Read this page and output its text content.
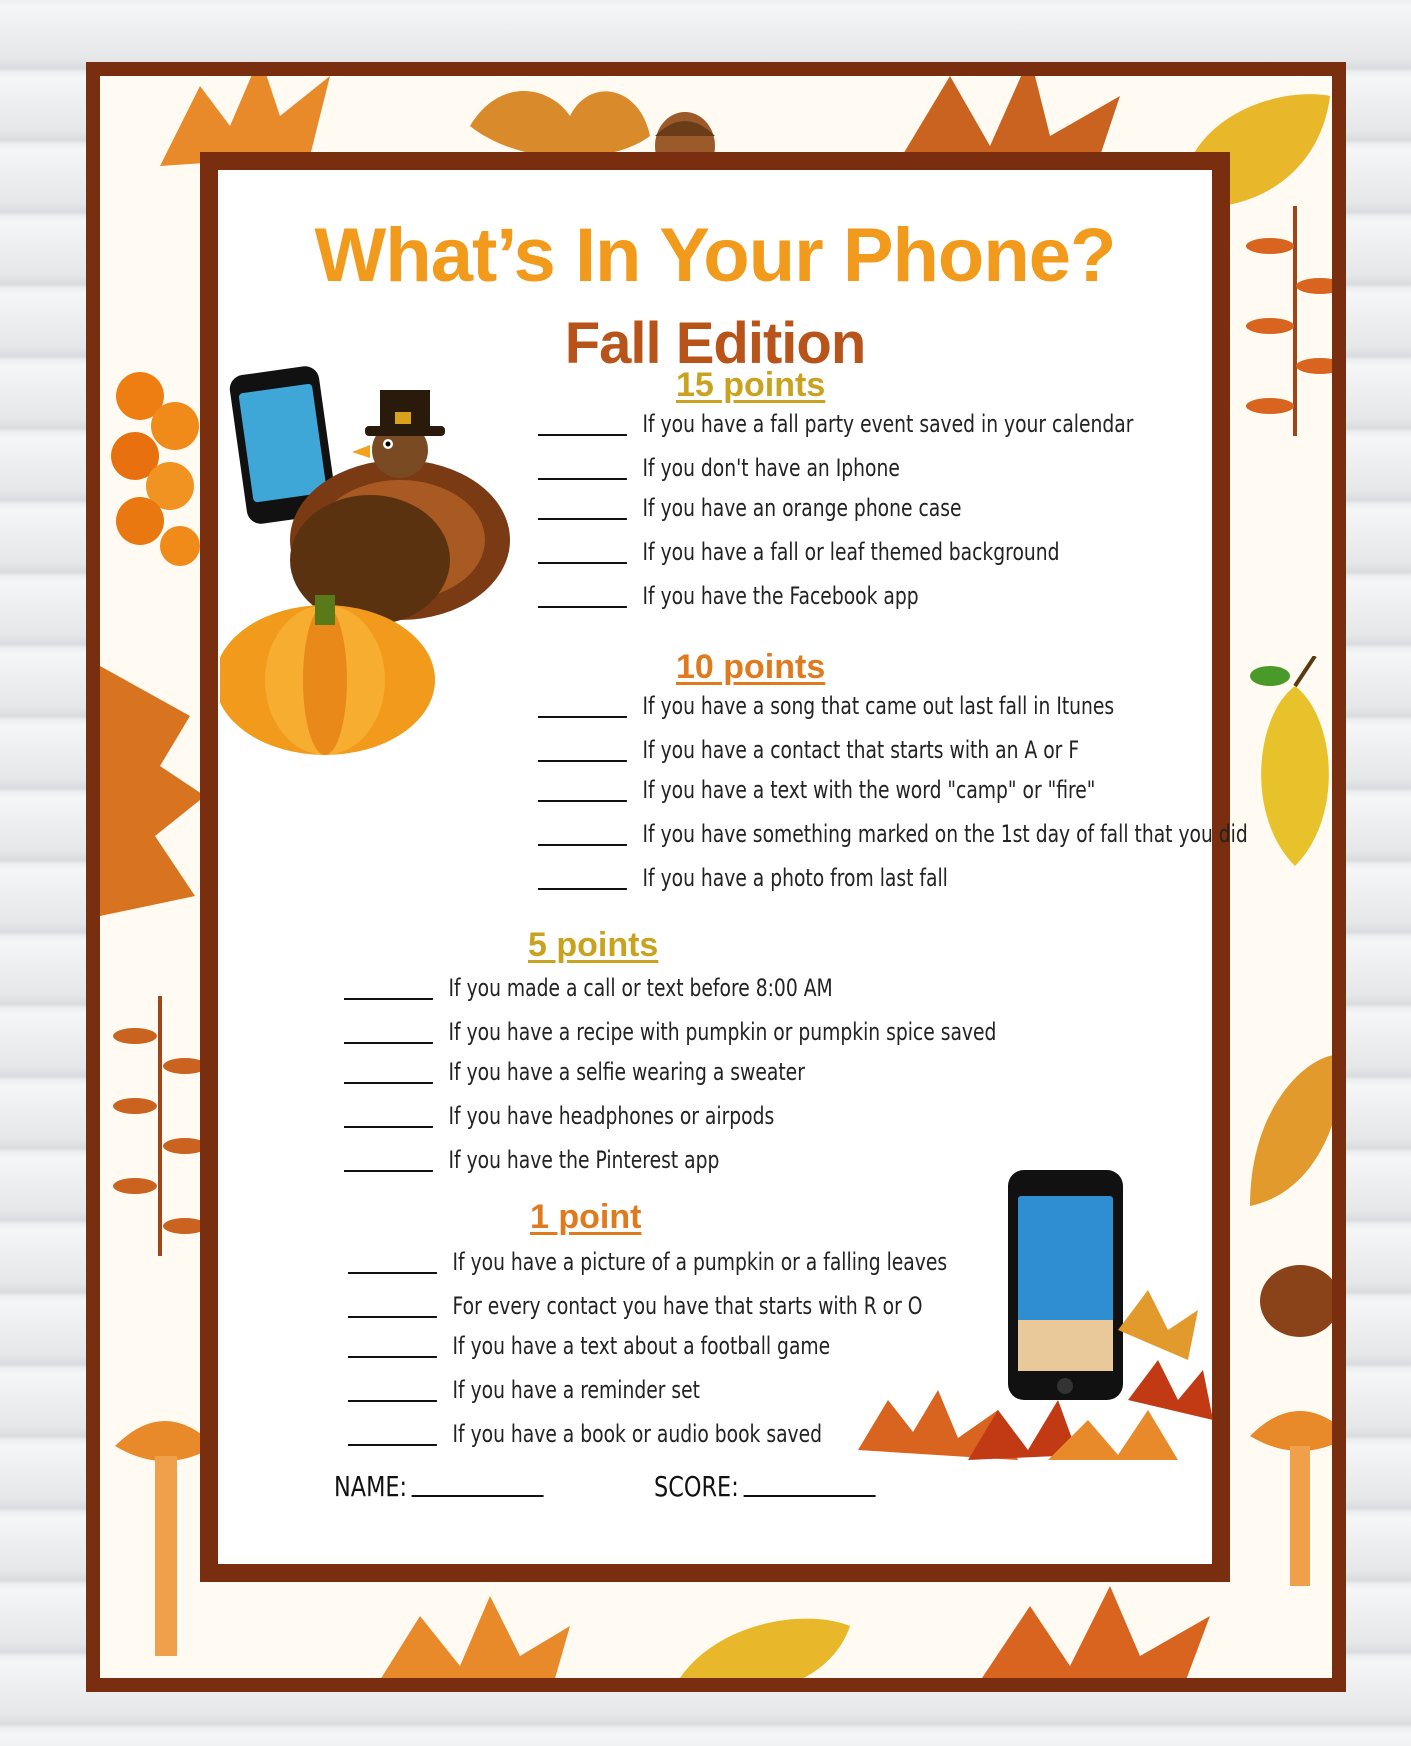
What’s In Your Phone?
Fall Edition
15 points
If you have a fall party event saved in your calendar
If you don't have an Iphone
If you have an orange phone case
If you have a fall or leaf themed background
If you have the Facebook app
10 points
If you have a song that came out last fall in Itunes
If you have a contact that starts with an A or F
If you have a text with the word "camp" or "fire"
If you have something marked on the 1st day of fall that you did
If you have a photo from last fall
5 points
If you made a call or text before 8:00 AM
If you have a recipe with pumpkin or pumpkin spice saved
If you have a selfie wearing a sweater
If you have headphones or airpods
If you have the Pinterest app
1 point
If you have a picture of a pumpkin or a falling leaves
For every contact you have that starts with R or O
If you have a text about a football game
If you have a reminder set
If you have a book or audio book saved
NAME:	SCORE:
